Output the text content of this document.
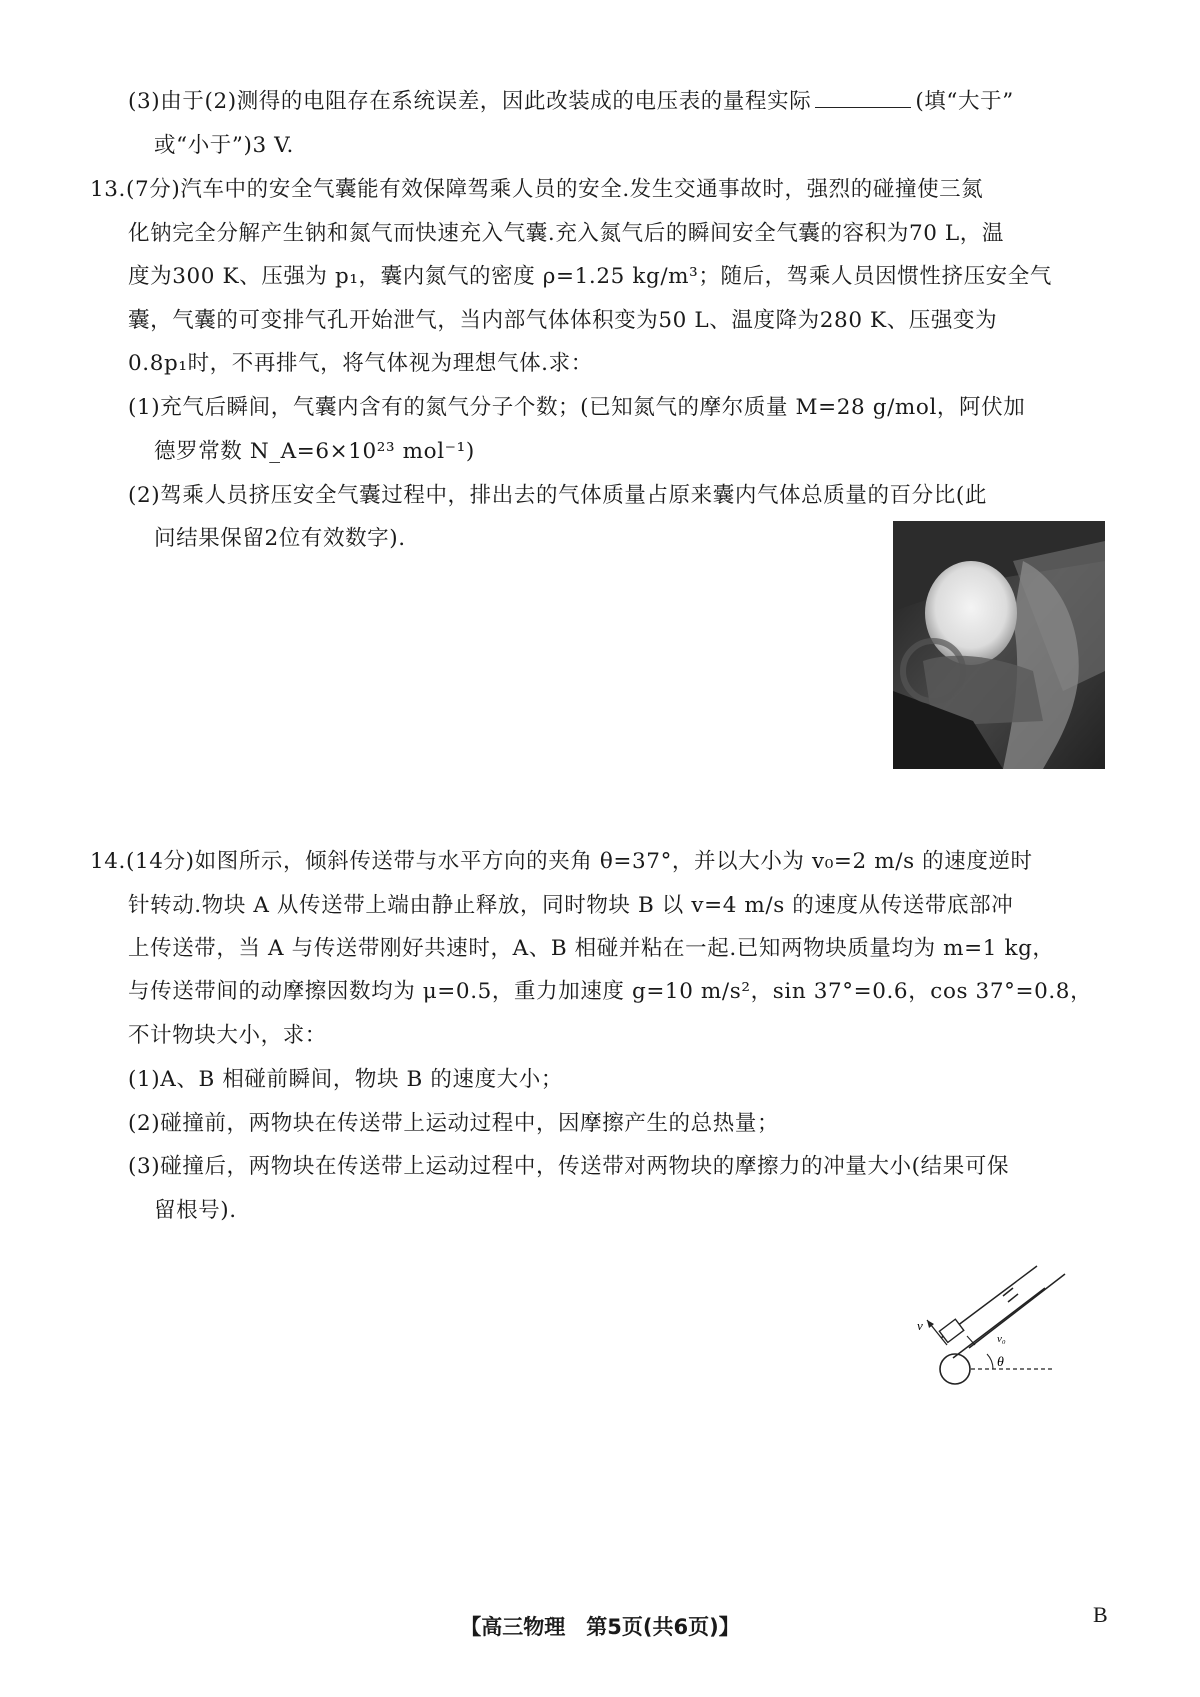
(3)由于(2)测得的电阻存在系统误差，因此改装成的电压表的量程实际	(填“大于”
或“小于”)3 V.
13.(7分)汽车中的安全气囊能有效保障驾乘人员的安全.发生交通事故时，强烈的碰撞使三氮
化钠完全分解产生钠和氮气而快速充入气囊.充入氮气后的瞬间安全气囊的容积为70 L，温
度为300 K、压强为 p₁，囊内氮气的密度 ρ=1.25 kg/m³；随后，驾乘人员因惯性挤压安全气
囊，气囊的可变排气孔开始泄气，当内部气体体积变为50 L、温度降为280 K、压强变为
0.8p₁时，不再排气，将气体视为理想气体.求：
(1)充气后瞬间，气囊内含有的氮气分子个数；(已知氮气的摩尔质量 M=28 g/mol，阿伏加
德罗常数 N_A=6×10²³ mol⁻¹)
(2)驾乘人员挤压安全气囊过程中，排出去的气体质量占原来囊内气体总质量的百分比(此
问结果保留2位有效数字).
14.(14分)如图所示，倾斜传送带与水平方向的夹角 θ=37°，并以大小为 v₀=2 m/s 的速度逆时
针转动.物块 A 从传送带上端由静止释放，同时物块 B 以 v=4 m/s 的速度从传送带底部冲
上传送带，当 A 与传送带刚好共速时，A、B 相碰并粘在一起.已知两物块质量均为 m=1 kg，
与传送带间的动摩擦因数均为 μ=0.5，重力加速度 g=10 m/s²，sin 37°=0.6，cos 37°=0.8，
不计物块大小，求：
(1)A、B 相碰前瞬间，物块 B 的速度大小；
(2)碰撞前，两物块在传送带上运动过程中，因摩擦产生的总热量；
(3)碰撞后，两物块在传送带上运动过程中，传送带对两物块的摩擦力的冲量大小(结果可保
留根号).
v
v₀
θ
【高三物理　第5页(共6页)】	B
